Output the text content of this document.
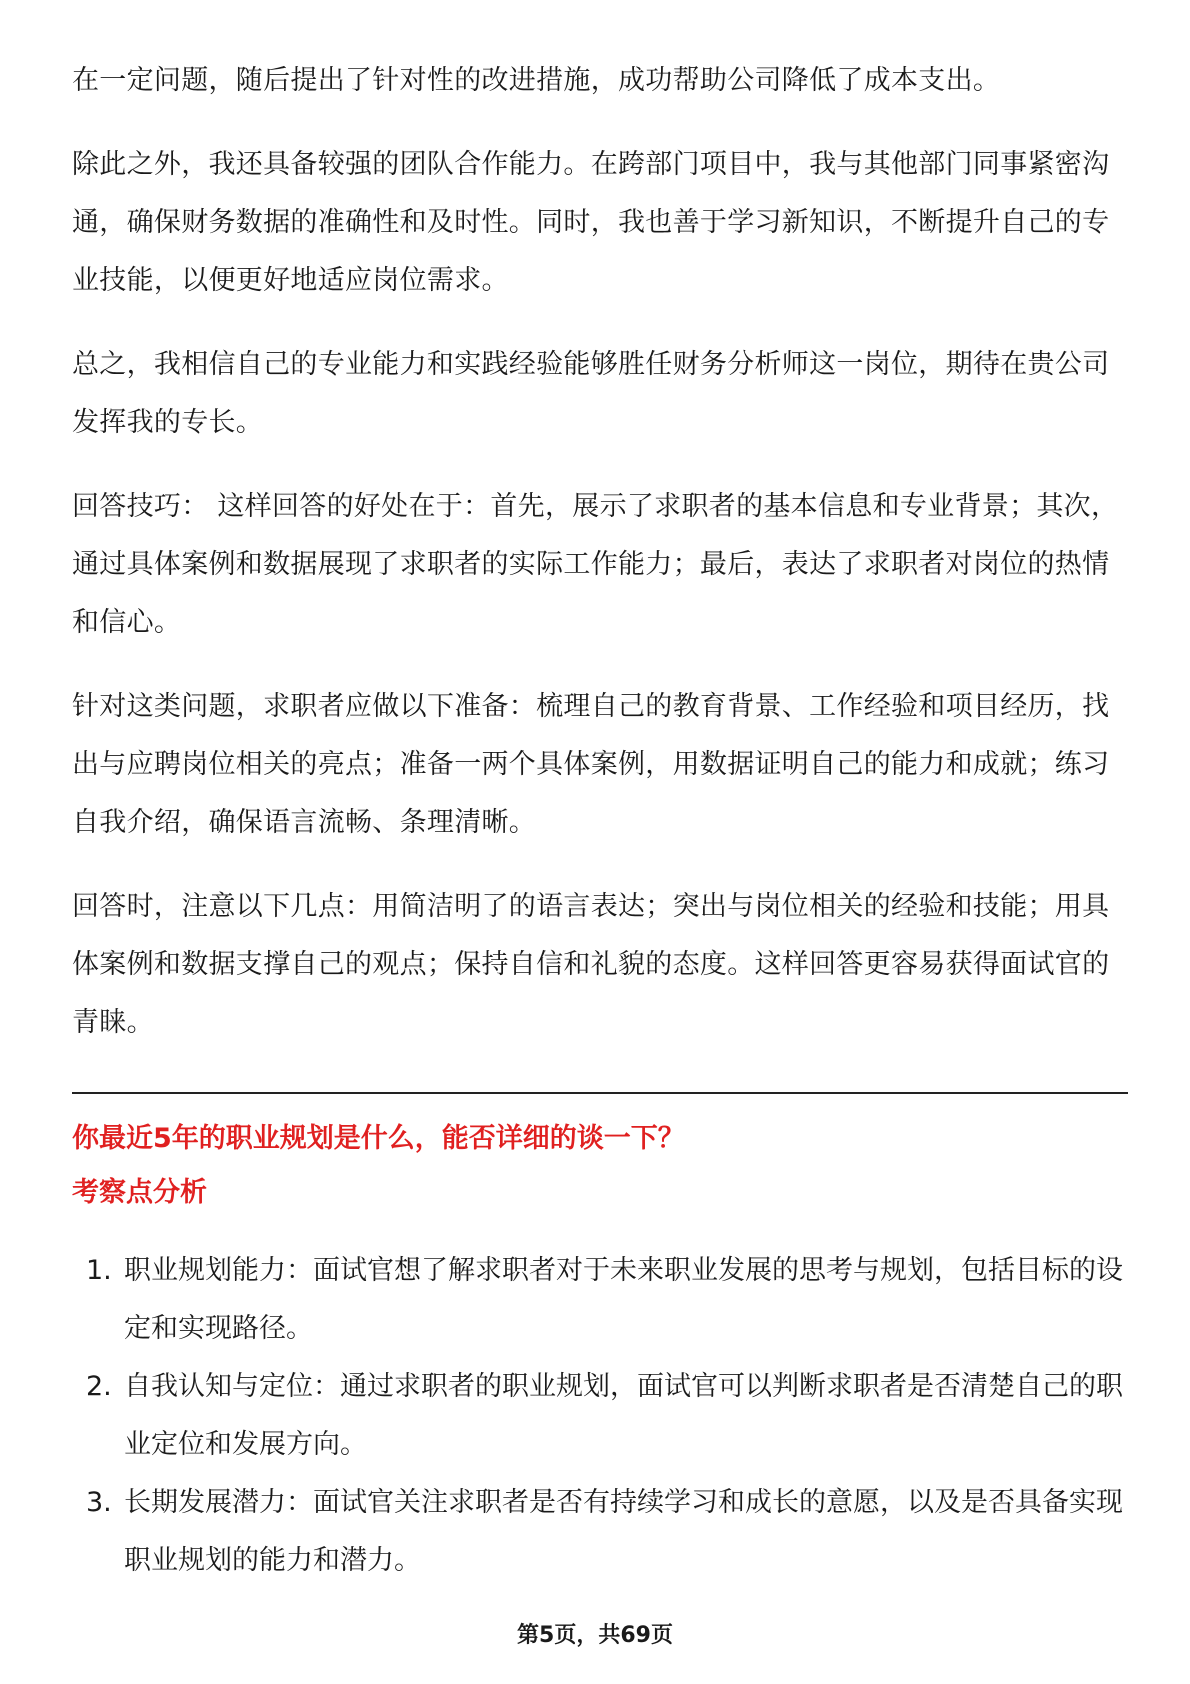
在一定问题，随后提出了针对性的改进措施，成功帮助公司降低了成本支出。

除此之外，我还具备较强的团队合作能力。在跨部门项目中，我与其他部门同事紧密沟通，确保财务数据的准确性和及时性。同时，我也善于学习新知识，不断提升自己的专业技能，以便更好地适应岗位需求。

总之，我相信自己的专业能力和实践经验能够胜任财务分析师这一岗位，期待在贵公司发挥我的专长。

回答技巧： 这样回答的好处在于：首先，展示了求职者的基本信息和专业背景；其次，通过具体案例和数据展现了求职者的实际工作能力；最后，表达了求职者对岗位的热情和信心。

针对这类问题，求职者应做以下准备：梳理自己的教育背景、工作经验和项目经历，找出与应聘岗位相关的亮点；准备一两个具体案例，用数据证明自己的能力和成就；练习自我介绍，确保语言流畅、条理清晰。

回答时，注意以下几点：用简洁明了的语言表达；突出与岗位相关的经验和技能；用具体案例和数据支撑自己的观点；保持自信和礼貌的态度。这样回答更容易获得面试官的青睐。

你最近5年的职业规划是什么，能否详细的谈一下？
考察点分析
1. 职业规划能力：面试官想了解求职者对于未来职业发展的思考与规划，包括目标的设定和实现路径。
2. 自我认知与定位：通过求职者的职业规划，面试官可以判断求职者是否清楚自己的职业定位和发展方向。
3. 长期发展潜力：面试官关注求职者是否有持续学习和成长的意愿，以及是否具备实现职业规划的能力和潜力。
第5页，共69页
